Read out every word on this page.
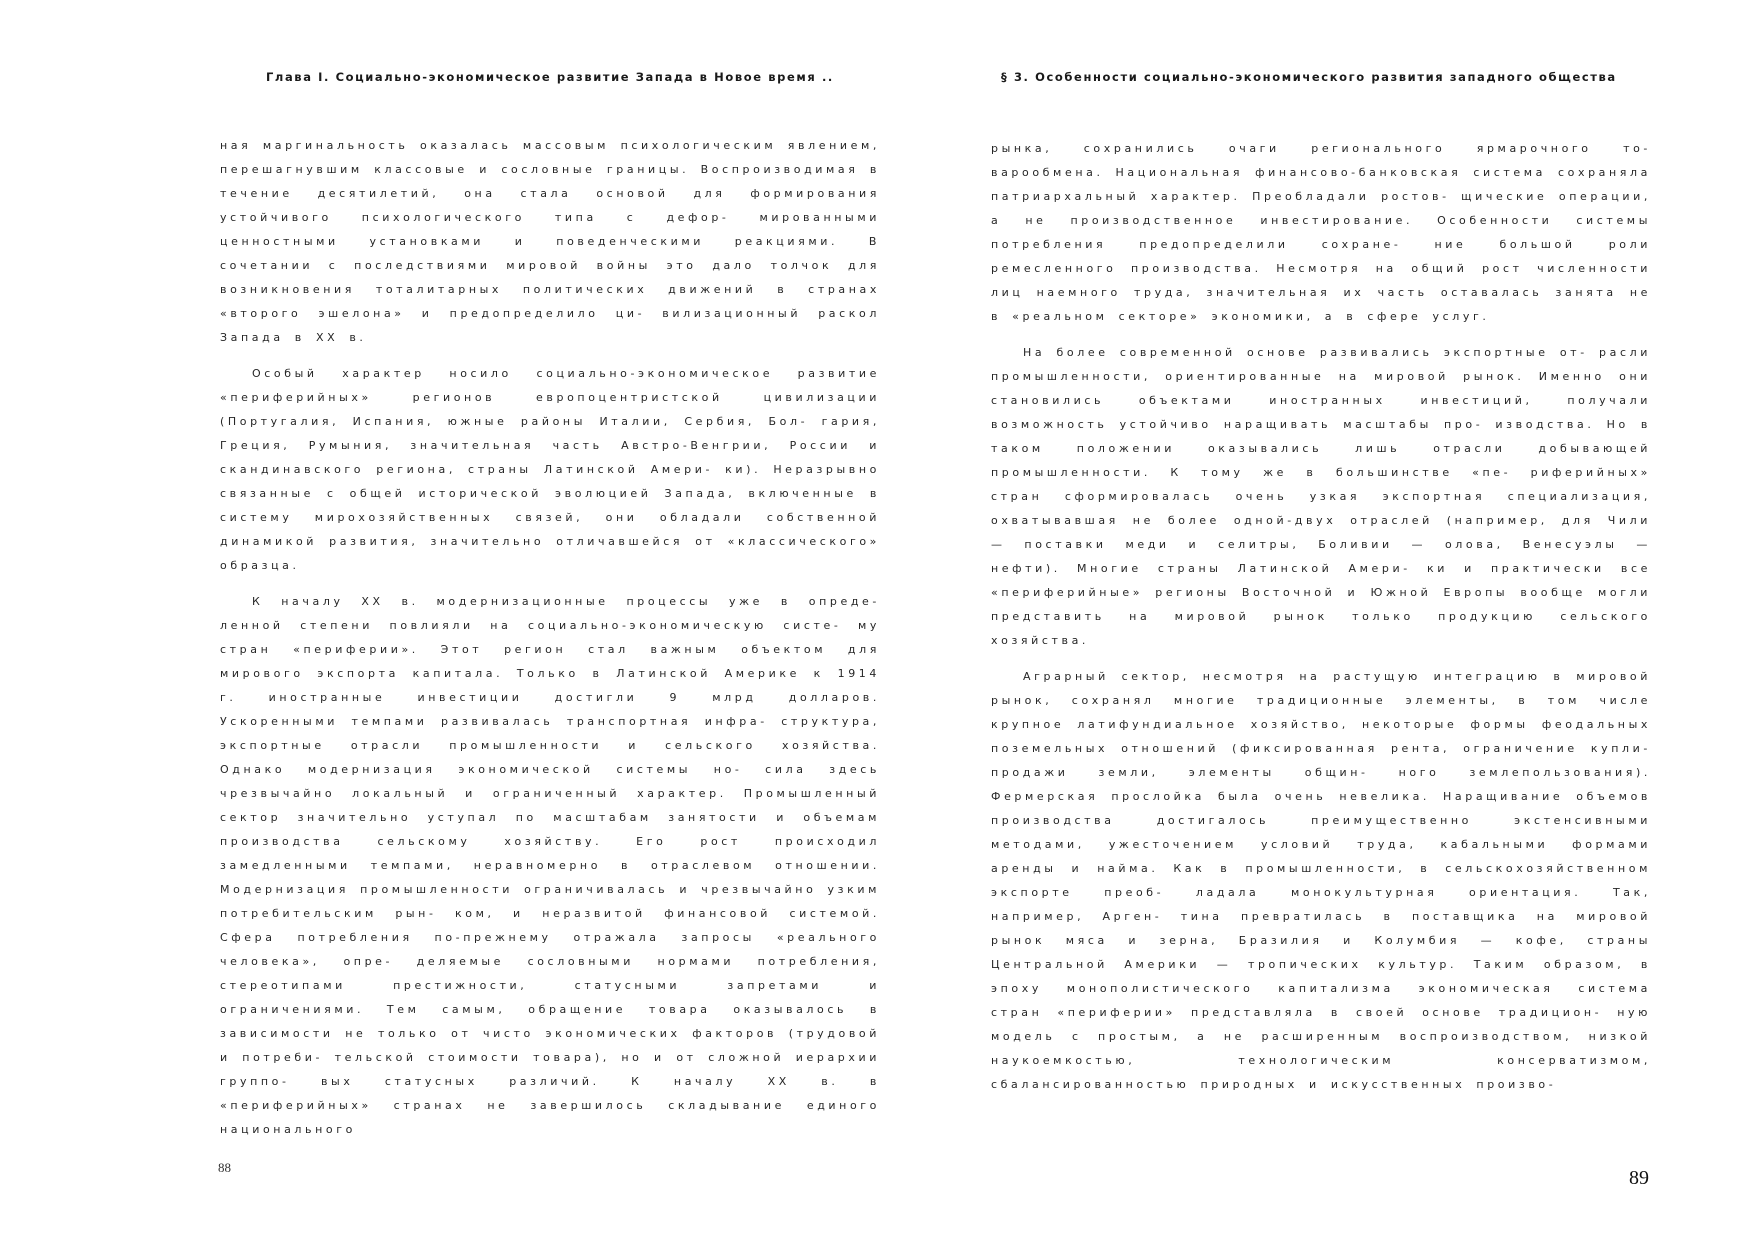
Глава I. Социально-экономическое развитие Запада в Новое время ..

ная маргинальность оказалась массовым психологическим явлением, перешагнувшим классовые и сословные границы. Воспроизводимая в течение десятилетий, она стала основой для формирования устойчивого психологического типа с дефор- мированными ценностными установками и поведенческими реакциями. В сочетании с последствиями мировой войны это дало толчок для возникновения тоталитарных политических движений в странах «второго эшелона» и предопределило ци- вилизационный раскол Запада в XX в.

Особый характер носило социально-экономическое развитие «периферийных» регионов европоцентристской цивилизации (Португалия, Испания, южные районы Италии, Сербия, Бол- гария, Греция, Румыния, значительная часть Австро-Венгрии, России и скандинавского региона, страны Латинской Амери- ки). Неразрывно связанные с общей исторической эволюцией Запада, включенные в систему мирохозяйственных связей, они обладали собственной динамикой развития, значительно отличавшейся от «классического» образца.

К началу XX в. модернизационные процессы уже в опреде- ленной степени повлияли на социально-экономическую систе- му стран «периферии». Этот регион стал важным объектом для мирового экспорта капитала. Только в Латинской Америке к 1914 г. иностранные инвестиции достигли 9 млрд долларов. Ускоренными темпами развивалась транспортная инфра- структура, экспортные отрасли промышленности и сельского хозяйства. Однако модернизация экономической системы но- сила здесь чрезвычайно локальный и ограниченный характер. Промышленный сектор значительно уступал по масштабам занятости и объемам производства сельскому хозяйству. Его рост происходил замедленными темпами, неравномерно в отраслевом отношении. Модернизация промышленности ограничивалась и чрезвычайно узким потребительским рын- ком, и неразвитой финансовой системой. Сфера потребления по-прежнему отражала запросы «реального человека», опре- деляемые сословными нормами потребления, стереотипами престижности, статусными запретами и ограничениями. Тем самым, обращение товара оказывалось в зависимости не только от чисто экономических факторов (трудовой и потреби- тельской стоимости товара), но и от сложной иерархии группо- вых статусных различий. К началу XX в. в «периферийных» странах не завершилось складывание единого национального

88
§ 3. Особенности социально-экономического развития западного общества

рынка, сохранились очаги регионального ярмарочного то-варообмена. Национальная финансово-банковская система сохраняла патриархальный характер. Преобладали ростов- щические операции, а не производственное инвестирование. Особенности системы потребления предопределили сохране- ние большой роли ремесленного производства. Несмотря на общий рост численности лиц наемного труда, значительная их часть оставалась занята не в «реальном секторе» экономики, а в сфере услуг.

На более современной основе развивались экспортные от- расли промышленности, ориентированные на мировой рынок. Именно они становились объектами иностранных инвестиций, получали возможность устойчиво наращивать масштабы про- изводства. Но в таком положении оказывались лишь отрасли добывающей промышленности. К тому же в большинстве «пе- риферийных» стран сформировалась очень узкая экспортная специализация, охватывавшая не более одной-двух отраслей (например, для Чили — поставки меди и селитры, Боливии — олова, Венесуэлы — нефти). Многие страны Латинской Амери- ки и практически все «периферийные» регионы Восточной и Южной Европы вообще могли представить на мировой рынок только продукцию сельского хозяйства.

Аграрный сектор, несмотря на растущую интеграцию в мировой рынок, сохранял многие традиционные элементы, в том числе крупное латифундиальное хозяйство, некоторые формы феодальных поземельных отношений (фиксированная рента, ограничение купли-продажи земли, элементы общин- ного землепользования). Фермерская прослойка была очень невелика. Наращивание объемов производства достигалось преимущественно экстенсивными методами, ужесточением условий труда, кабальными формами аренды и найма. Как в промышленности, в сельскохозяйственном экспорте преоб- ладала монокультурная ориентация. Так, например, Арген- тина превратилась в поставщика на мировой рынок мяса и зерна, Бразилия и Колумбия — кофе, страны Центральной Америки — тропических культур. Таким образом, в эпоху монополистического капитализма экономическая система стран «периферии» представляла в своей основе традицион- ную модель с простым, а не расширенным воспроизводством, низкой наукоемкостью, технологическим консерватизмом, сбалансированностью природных и искусственных произво-

89
